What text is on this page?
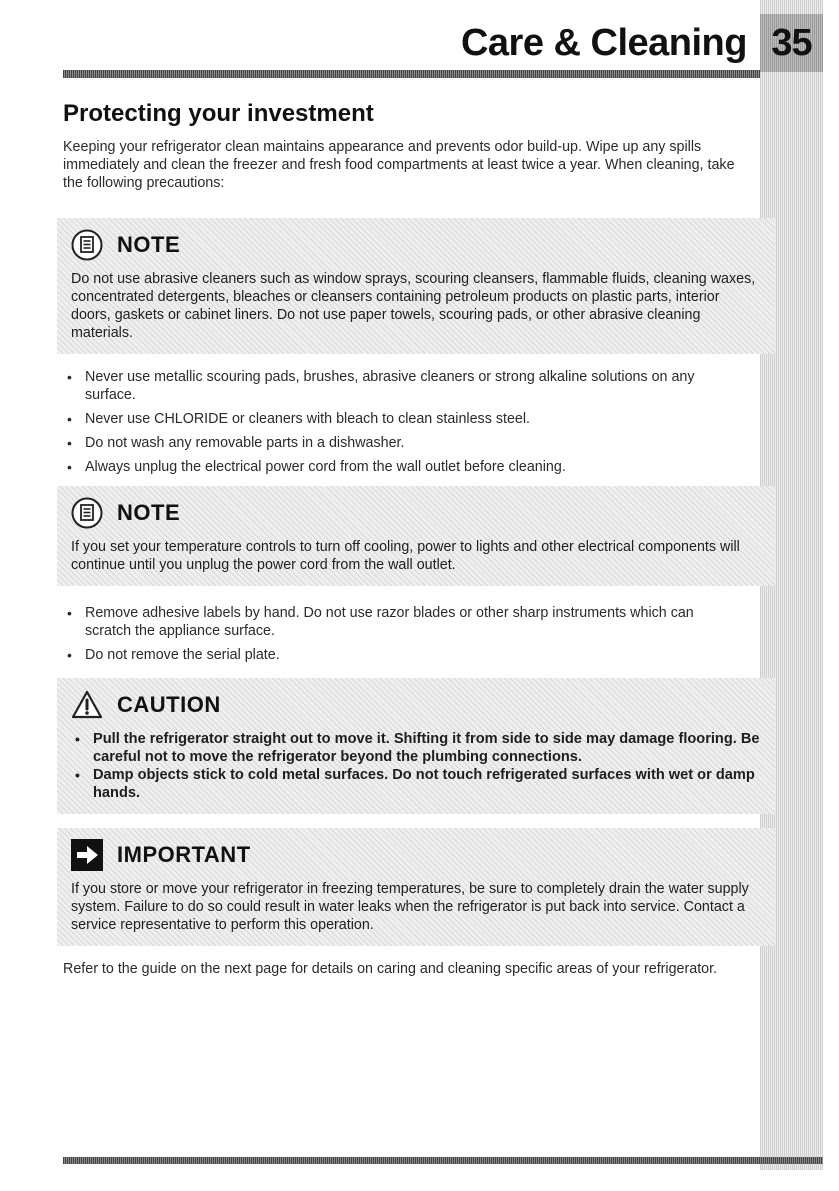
35
Care & Cleaning
Protecting your investment

Keeping your refrigerator clean maintains appearance and prevents odor build-up. Wipe up any spills immediately and clean the freezer and fresh food compartments at least twice a year. When cleaning, take the following precautions:

NOTE

Do not use abrasive cleaners such as window sprays, scouring cleansers, flammable fluids, cleaning waxes, concentrated detergents, bleaches or cleansers containing petroleum products on plastic parts, interior doors, gaskets or cabinet liners. Do not use paper towels, scouring pads, or other abrasive cleaning materials.

• Never use metallic scouring pads, brushes, abrasive cleaners or strong alkaline solutions on any surface.
• Never use CHLORIDE or cleaners with bleach to clean stainless steel.
• Do not wash any removable parts in a dishwasher.
• Always unplug the electrical power cord from the wall outlet before cleaning.
NOTE

If you set your temperature controls to turn off cooling, power to lights and other electrical components will continue until you unplug the power cord from the wall outlet.

• Remove adhesive labels by hand. Do not use razor blades or other sharp instruments which can scratch the appliance surface.
• Do not remove the serial plate.
CAUTION
• Pull the refrigerator straight out to move it. Shifting it from side to side may damage flooring. Be careful not to move the refrigerator beyond the plumbing connections.
• Damp objects stick to cold metal surfaces. Do not touch refrigerated surfaces with wet or damp hands.
IMPORTANT

If you store or move your refrigerator in freezing temperatures, be sure to completely drain the water supply system. Failure to do so could result in water leaks when the refrigerator is put back into service. Contact a service representative to perform this operation.

Refer to the guide on the next page for details on caring and cleaning specific areas of your refrigerator.
